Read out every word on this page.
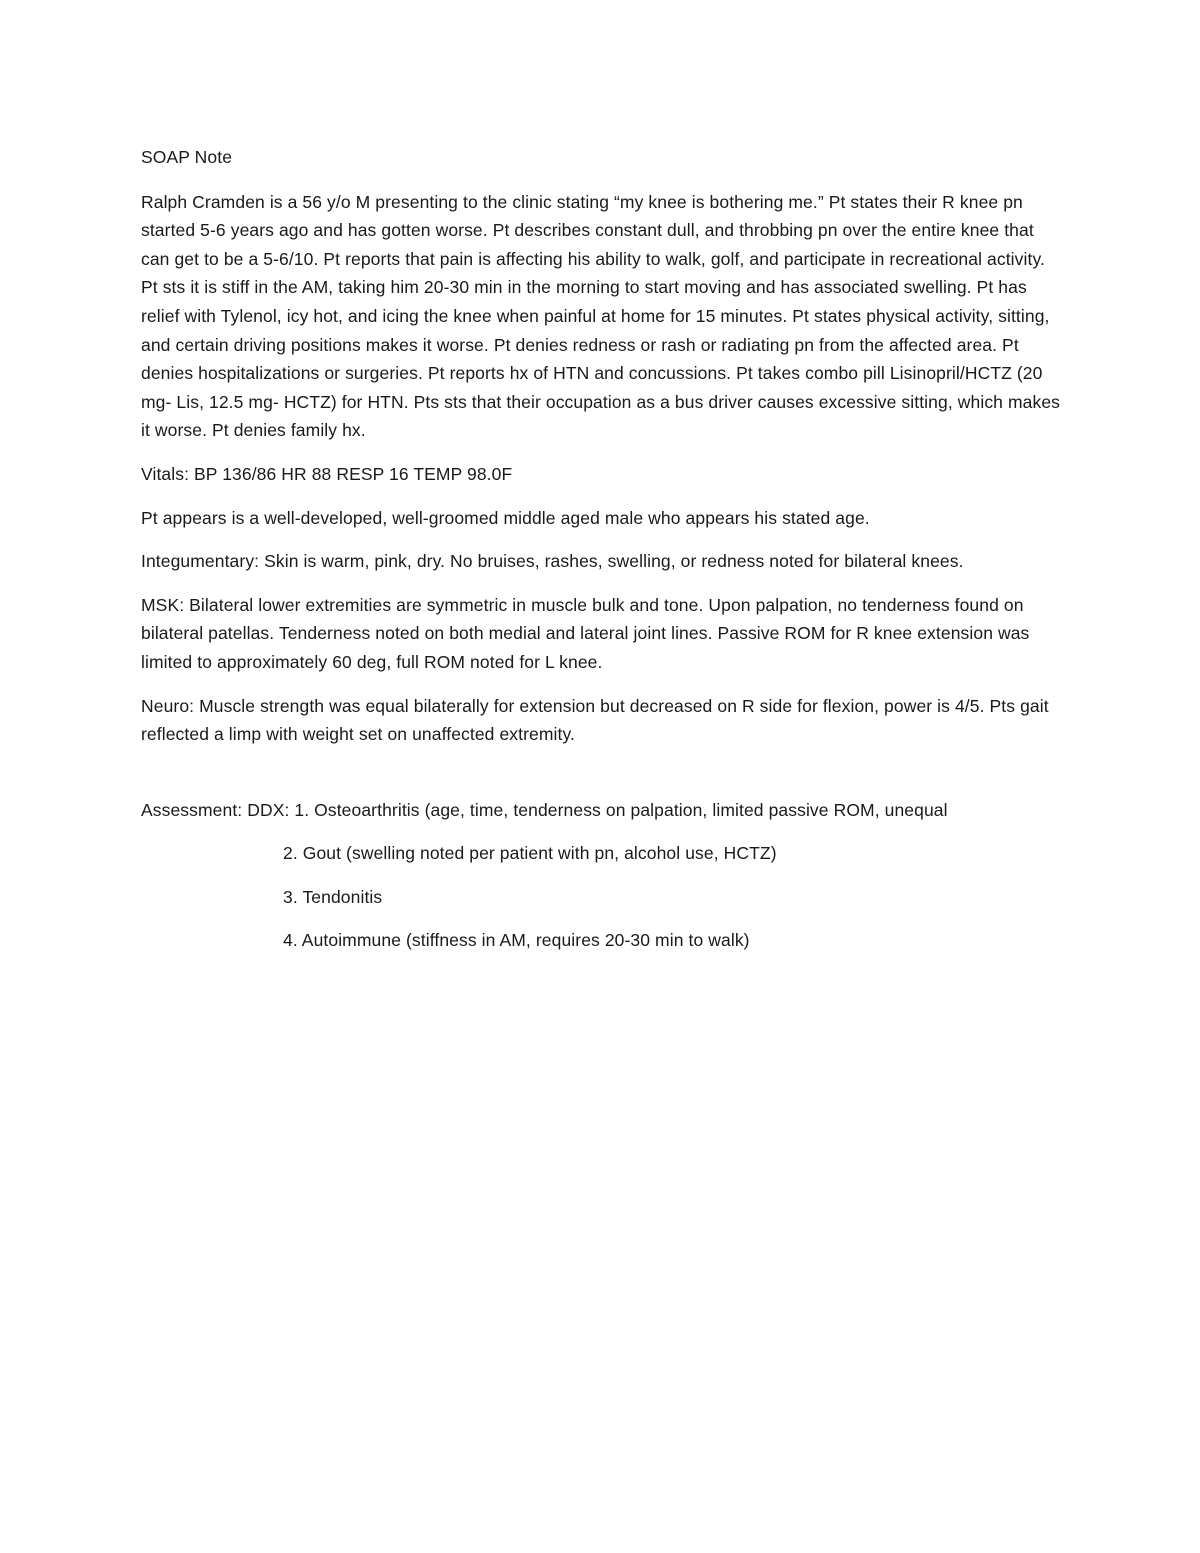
SOAP Note

Ralph Cramden is a 56 y/o M presenting to the clinic stating “my knee is bothering me.” Pt states their R knee pn started 5-6 years ago and has gotten worse. Pt describes constant dull, and throbbing pn over the entire knee that can get to be a 5-6/10. Pt reports that pain is affecting his ability to walk, golf, and participate in recreational activity. Pt sts it is stiff in the AM, taking him 20-30 min in the morning to start moving and has associated swelling. Pt has relief with Tylenol, icy hot, and icing the knee when painful at home for 15 minutes. Pt states physical activity, sitting, and certain driving positions makes it worse. Pt denies redness or rash or radiating pn from the affected area. Pt denies hospitalizations or surgeries. Pt reports hx of HTN and concussions. Pt takes combo pill Lisinopril/HCTZ (20 mg- Lis, 12.5 mg- HCTZ) for HTN. Pts sts that their occupation as a bus driver causes excessive sitting, which makes it worse. Pt denies family hx.

Vitals: BP 136/86 HR 88 RESP 16 TEMP 98.0F

Pt appears is a well-developed, well-groomed middle aged male who appears his stated age.

Integumentary: Skin is warm, pink, dry. No bruises, rashes, swelling, or redness noted for bilateral knees.

MSK: Bilateral lower extremities are symmetric in muscle bulk and tone. Upon palpation, no tenderness found on bilateral patellas. Tenderness noted on both medial and lateral joint lines. Passive ROM for R knee extension was limited to approximately 60 deg, full ROM noted for L knee.

Neuro: Muscle strength was equal bilaterally for extension but decreased on R side for flexion, power is 4/5. Pts gait reflected a limp with weight set on unaffected extremity.

Assessment: DDX: 1. Osteoarthritis (age, time, tenderness on palpation, limited passive ROM, unequal

2. Gout (swelling noted per patient with pn, alcohol use, HCTZ)

3. Tendonitis

4. Autoimmune (stiffness in AM, requires 20-30 min to walk)
